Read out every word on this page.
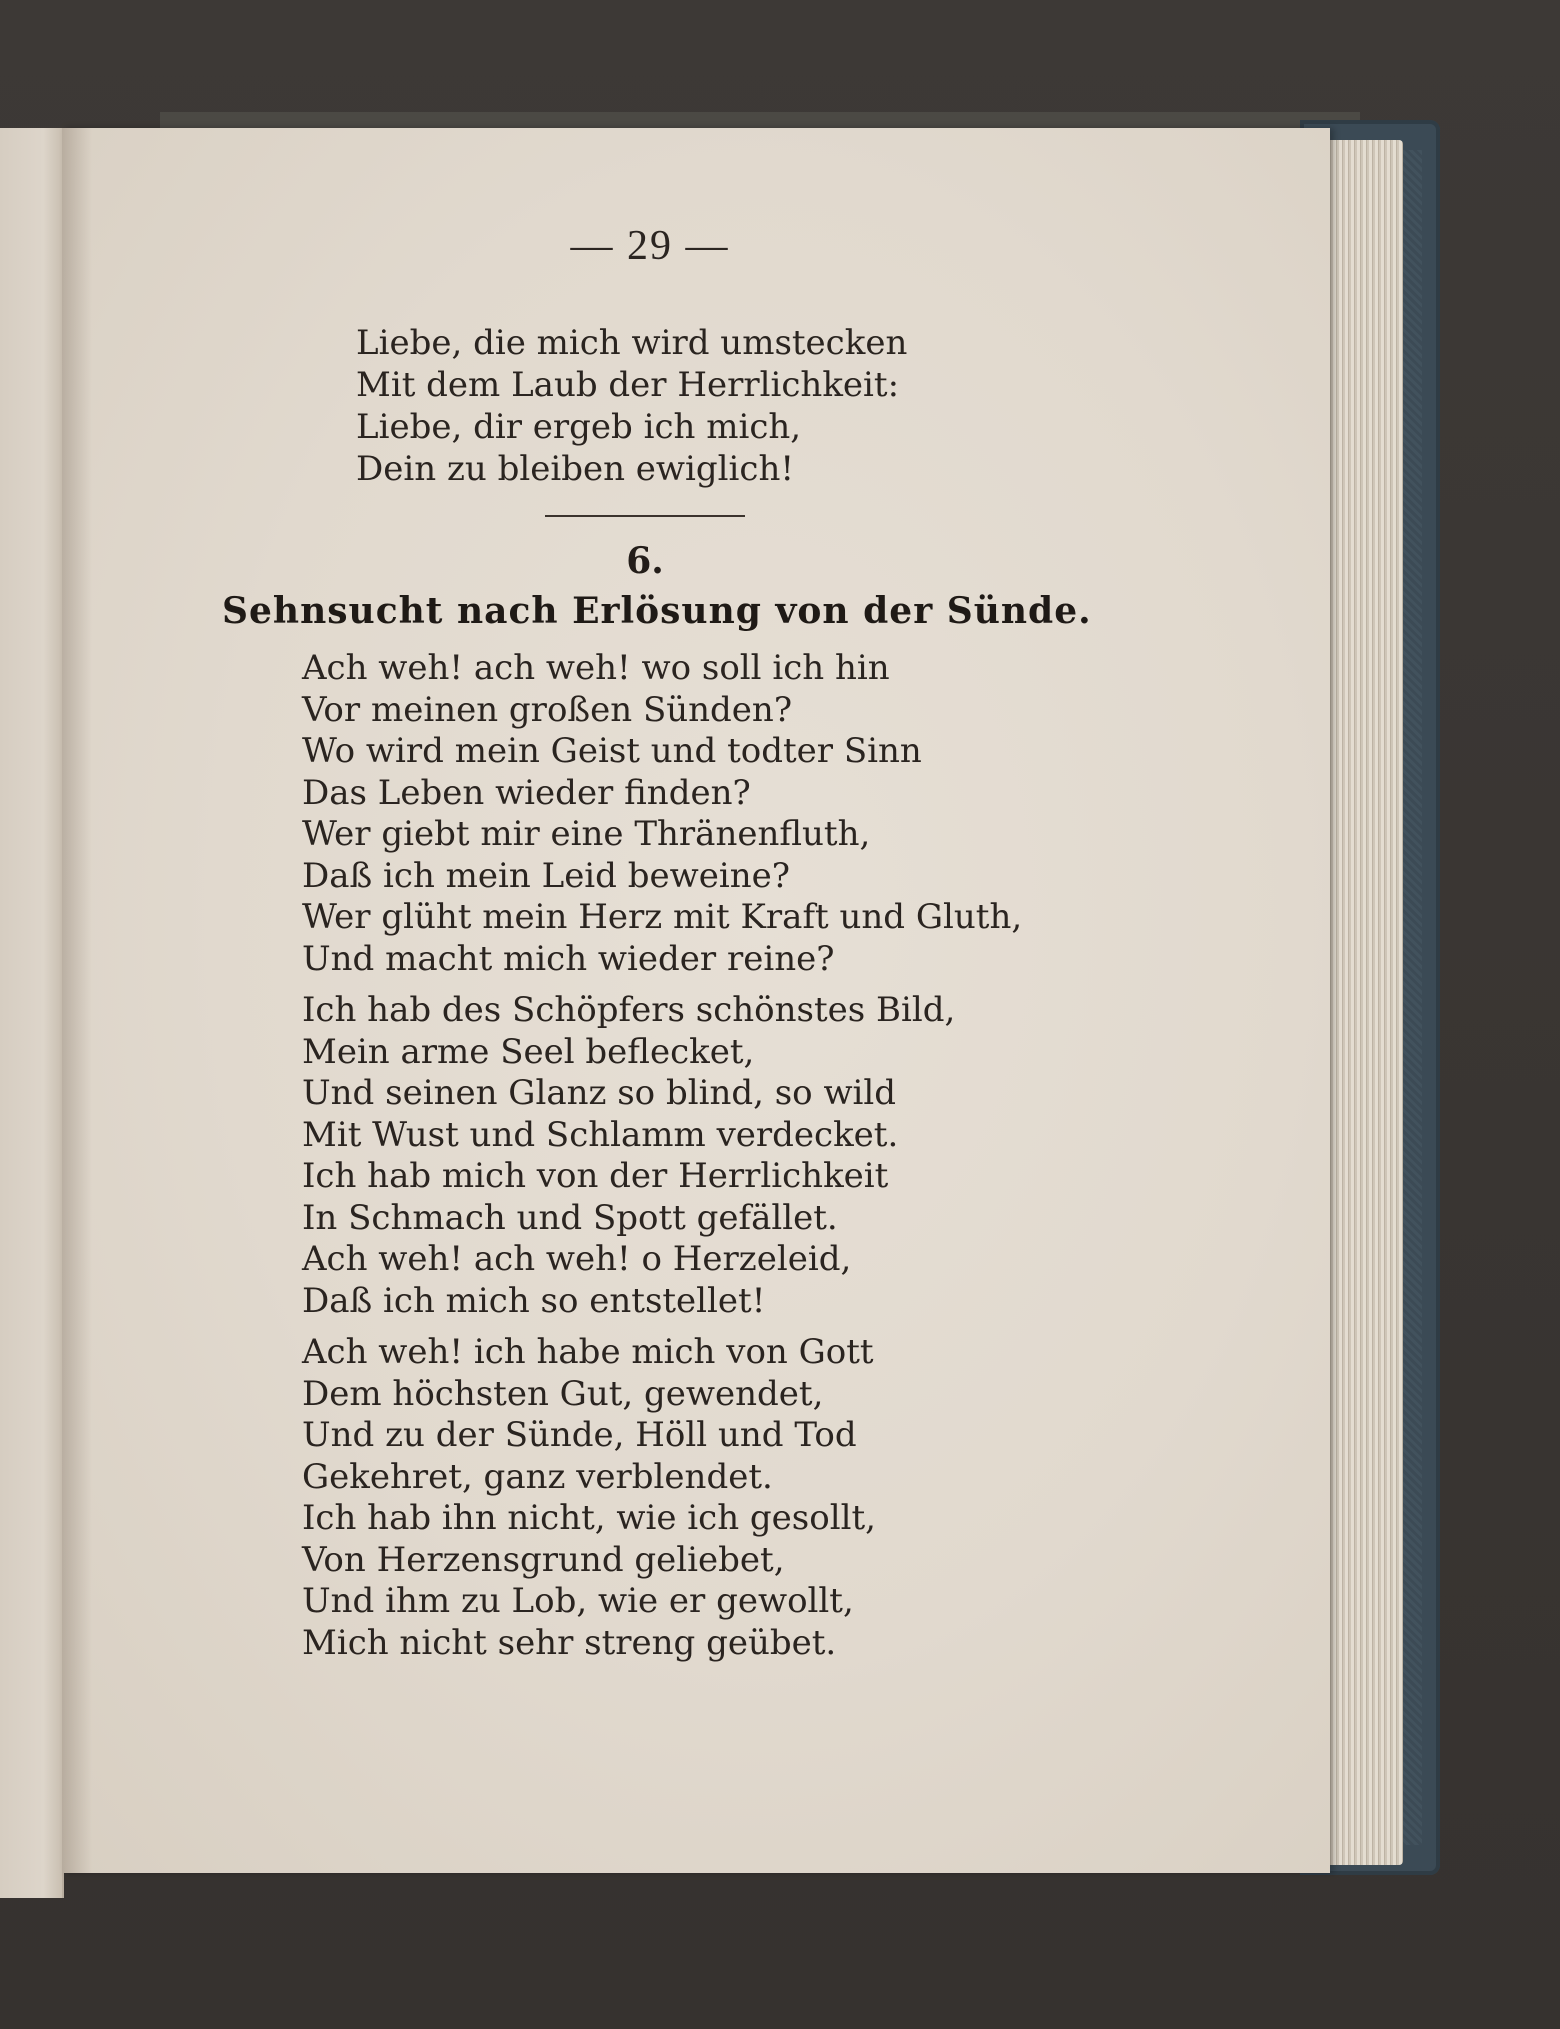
— 29 —
Liebe, die mich wird umstecken
Mit dem Laub der Herrlichkeit:
Liebe, dir ergeb ich mich,
Dein zu bleiben ewiglich!
6.
Sehnsucht nach Erlösung von der Sünde.
Ach weh! ach weh! wo soll ich hin
Vor meinen großen Sünden?
Wo wird mein Geist und todter Sinn
Das Leben wieder finden?
Wer giebt mir eine Thränenfluth,
Daß ich mein Leid beweine?
Wer glüht mein Herz mit Kraft und Gluth,
Und macht mich wieder reine?
Ich hab des Schöpfers schönstes Bild,
Mein arme Seel beflecket,
Und seinen Glanz so blind, so wild
Mit Wust und Schlamm verdecket.
Ich hab mich von der Herrlichkeit
In Schmach und Spott gefället.
Ach weh! ach weh! o Herzeleid,
Daß ich mich so entstellet!
Ach weh! ich habe mich von Gott
Dem höchsten Gut, gewendet,
Und zu der Sünde, Höll und Tod
Gekehret, ganz verblendet.
Ich hab ihn nicht, wie ich gesollt,
Von Herzensgrund geliebet,
Und ihm zu Lob, wie er gewollt,
Mich nicht sehr streng geübet.
